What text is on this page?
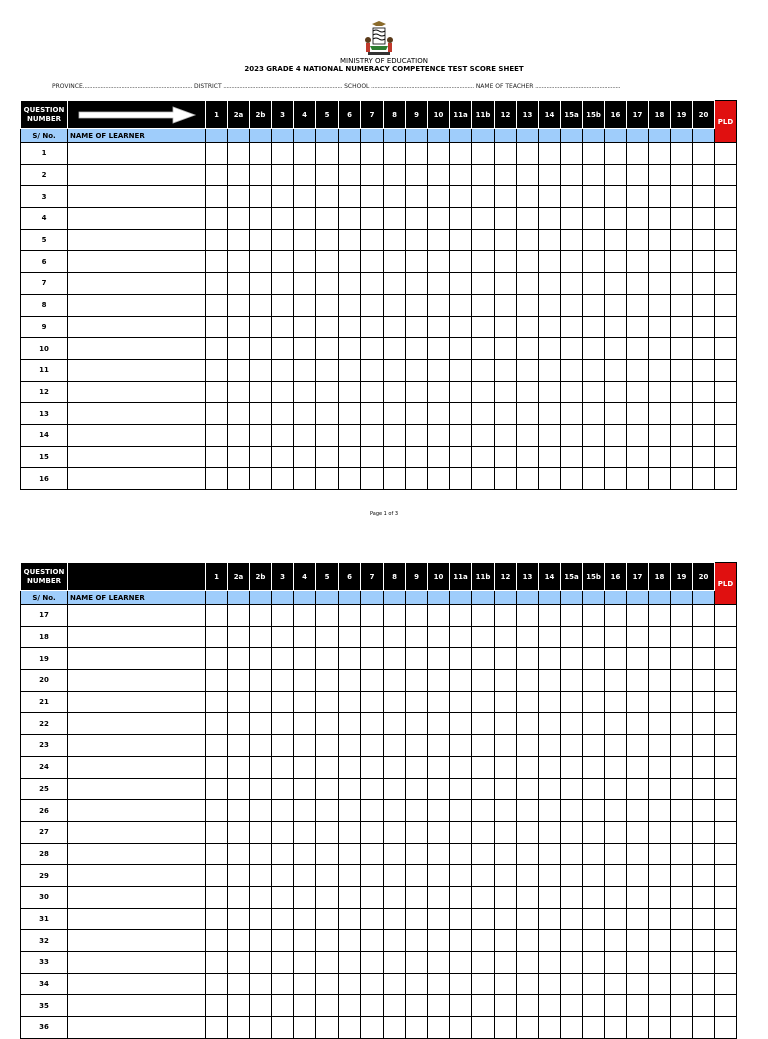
MINISTRY OF EDUCATION
2023 GRADE 4 NATIONAL NUMERACY COMPETENCE TEST SCORE SHEET
PROVINCE.................................................................... DISTRICT .......................................................................... SCHOOL ................................................................ NAME OF TEACHER .....................................................
QUESTION NUMBER		1	2a	2b	3	4	5	6	7	8	9	10	11a	11b	12	13	14	15a	15b	16	17	18	19	20	PLD
S/ No.	NAME OF LEARNER																								
1																									
2																									
3																									
4																									
5																									
6																									
7																									
8																									
9																									
10																									
11																									
12																									
13																									
14																									
15																									
16																									
Page 1 of 3
QUESTION NUMBER		1	2a	2b	3	4	5	6	7	8	9	10	11a	11b	12	13	14	15a	15b	16	17	18	19	20	PLD
S/ No.	NAME OF LEARNER																								
17																									
18																									
19																									
20																									
21																									
22																									
23																									
24																									
25																									
26																									
27																									
28																									
29																									
30																									
31																									
32																									
33																									
34																									
35																									
36																									
